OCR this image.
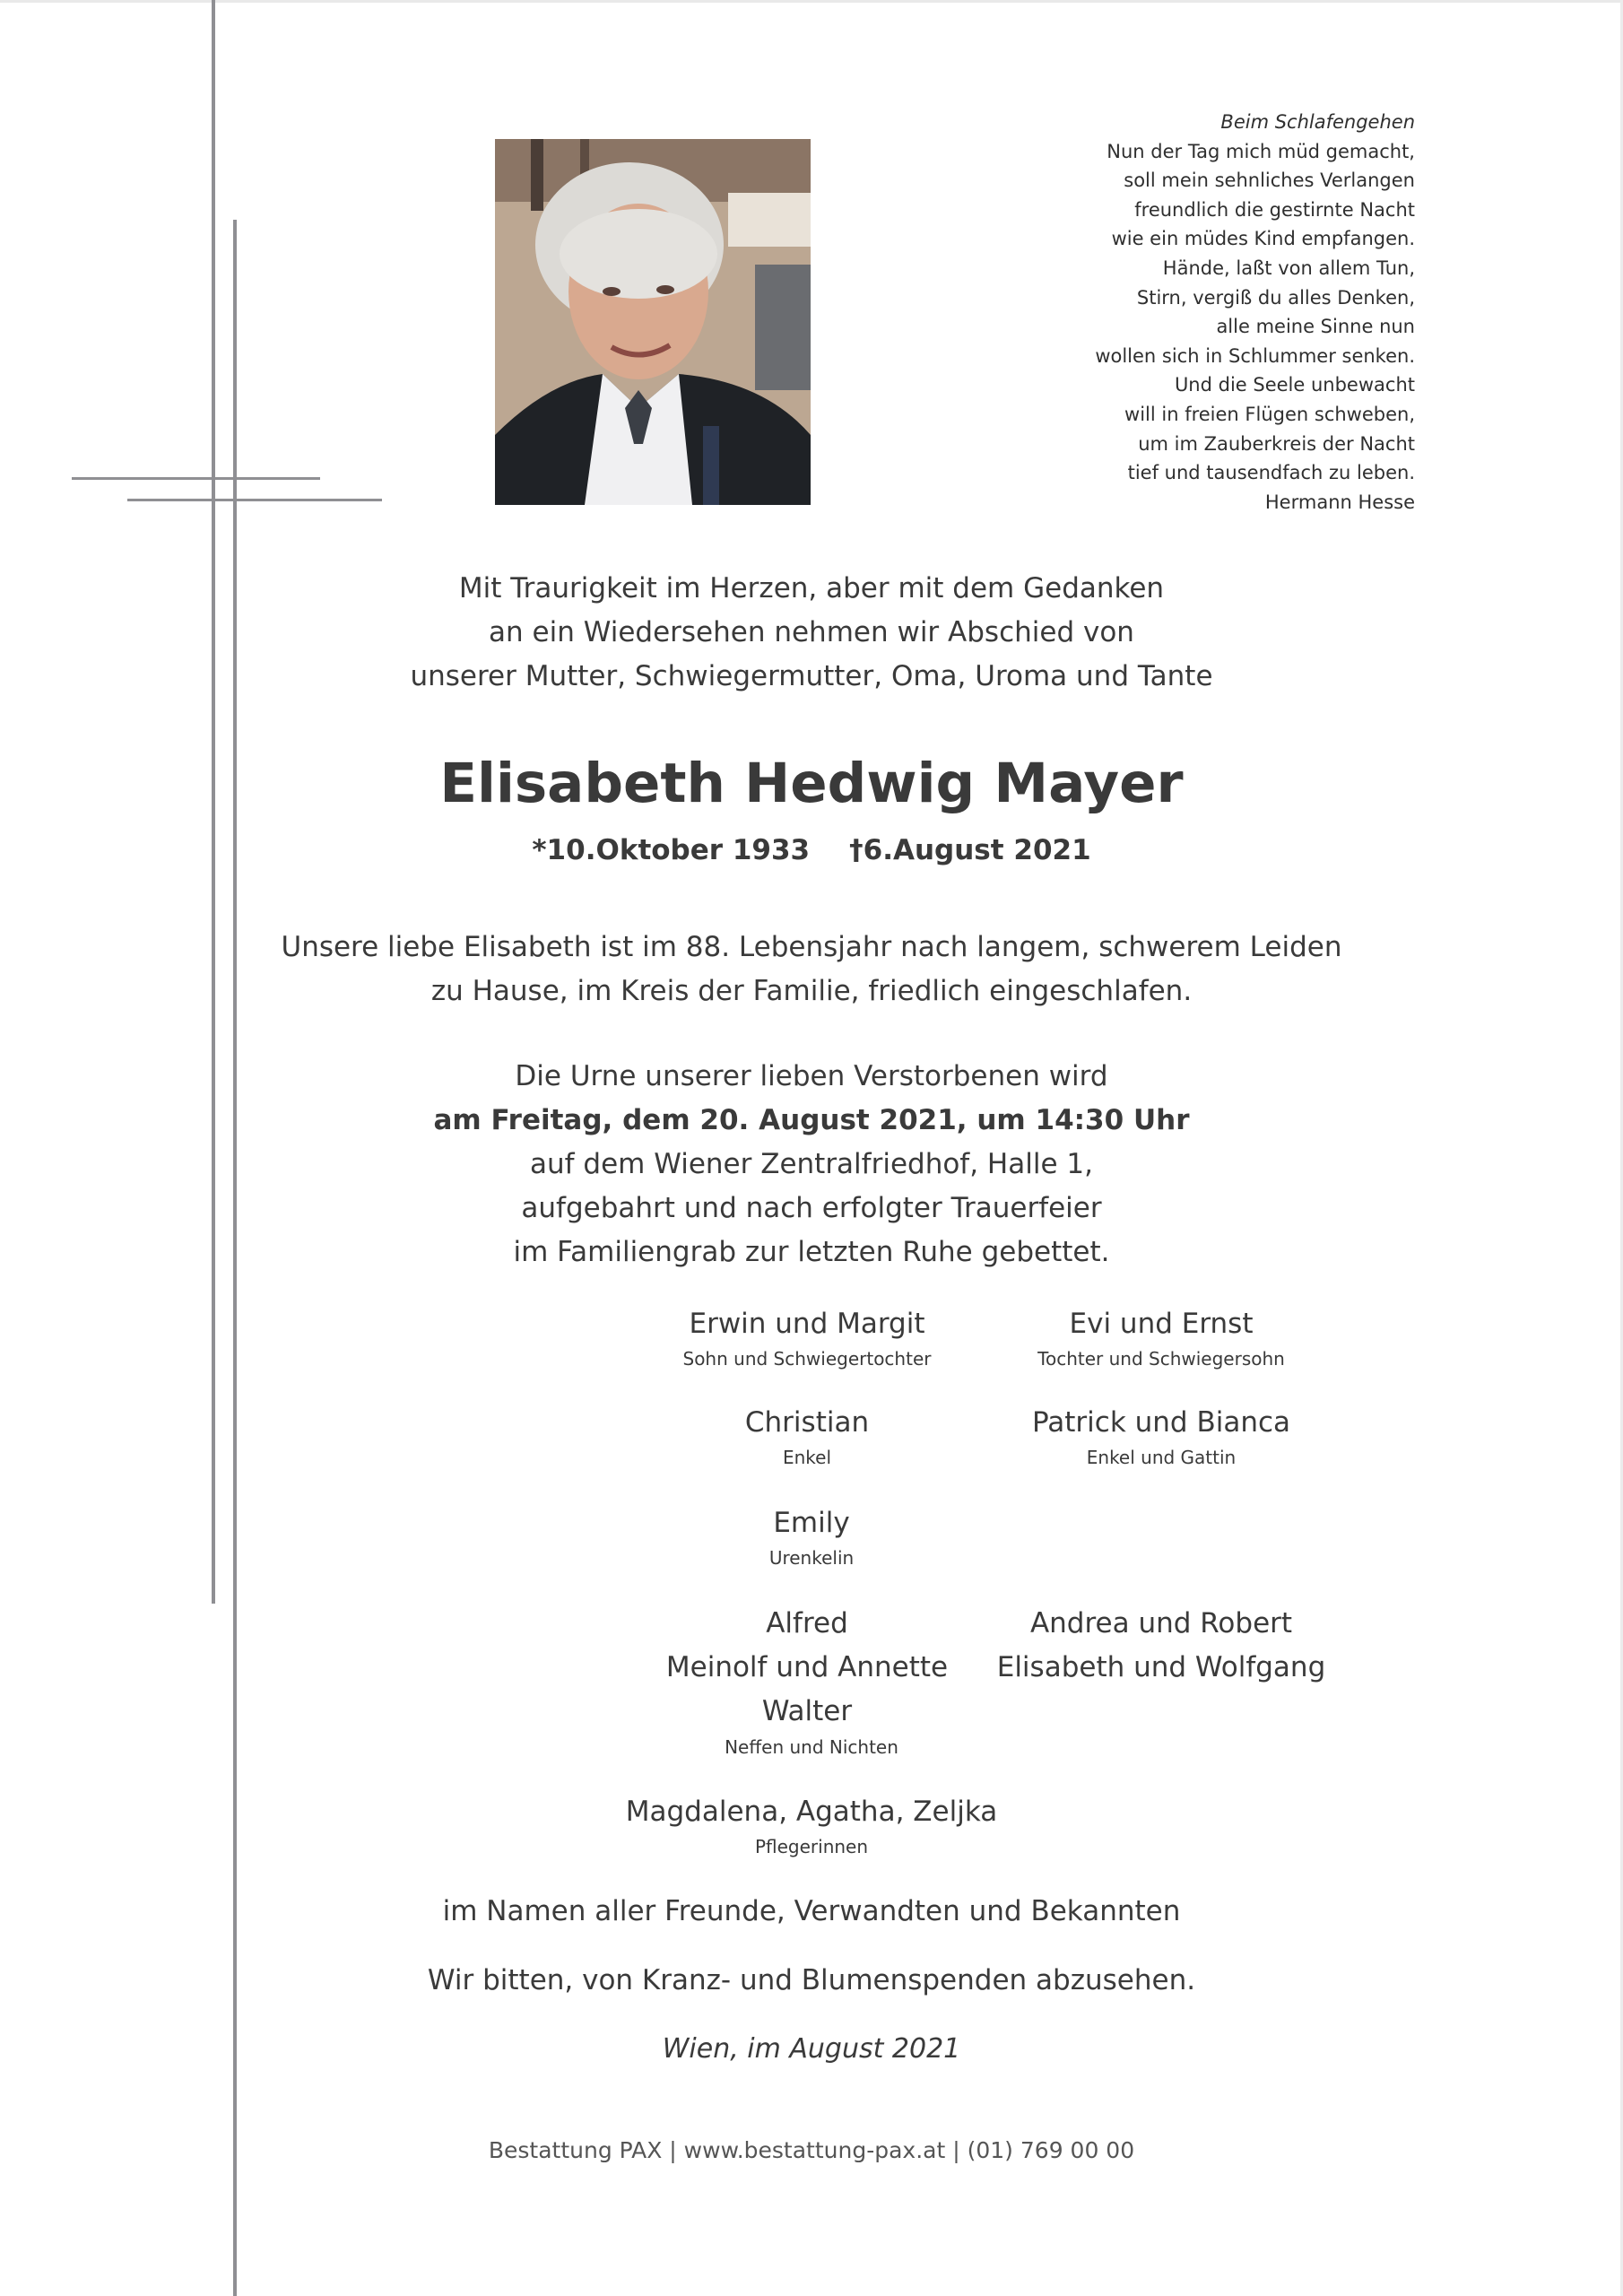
Beim Schlafengehen
Nun der Tag mich müd gemacht,
soll mein sehnliches Verlangen
freundlich die gestirnte Nacht
wie ein müdes Kind empfangen.
Hände, laßt von allem Tun,
Stirn, vergiß du alles Denken,
alle meine Sinne nun
wollen sich in Schlummer senken.
Und die Seele unbewacht
will in freien Flügen schweben,
um im Zauberkreis der Nacht
tief und tausendfach zu leben.
Hermann Hesse
Mit Traurigkeit im Herzen, aber mit dem Gedanken
an ein Wiedersehen nehmen wir Abschied von
unserer Mutter, Schwiegermutter, Oma, Uroma und Tante
Elisabeth Hedwig Mayer
*10.Oktober 1933 †6.August 2021
Unsere liebe Elisabeth ist im 88. Lebensjahr nach langem, schwerem Leiden
zu Hause, im Kreis der Familie, friedlich eingeschlafen.
Die Urne unserer lieben Verstorbenen wird
am Freitag, dem 20. August 2021, um 14:30 Uhr
auf dem Wiener Zentralfriedhof, Halle 1,
aufgebahrt und nach erfolgter Trauerfeier
im Familiengrab zur letzten Ruhe gebettet.
Erwin und Margit
Sohn und Schwiegertochter
Evi und Ernst
Tochter und Schwiegersohn
Christian
Enkel
Patrick und Bianca
Enkel und Gattin
Emily
Urenkelin
Alfred
Meinolf und Annette
Walter
Andrea und Robert
Elisabeth und Wolfgang
Neffen und Nichten
Magdalena, Agatha, Zeljka
Pflegerinnen
im Namen aller Freunde, Verwandten und Bekannten
Wir bitten, von Kranz- und Blumenspenden abzusehen.
Wien, im August 2021
Bestattung PAX | www.bestattung-pax.at | (01) 769 00 00
